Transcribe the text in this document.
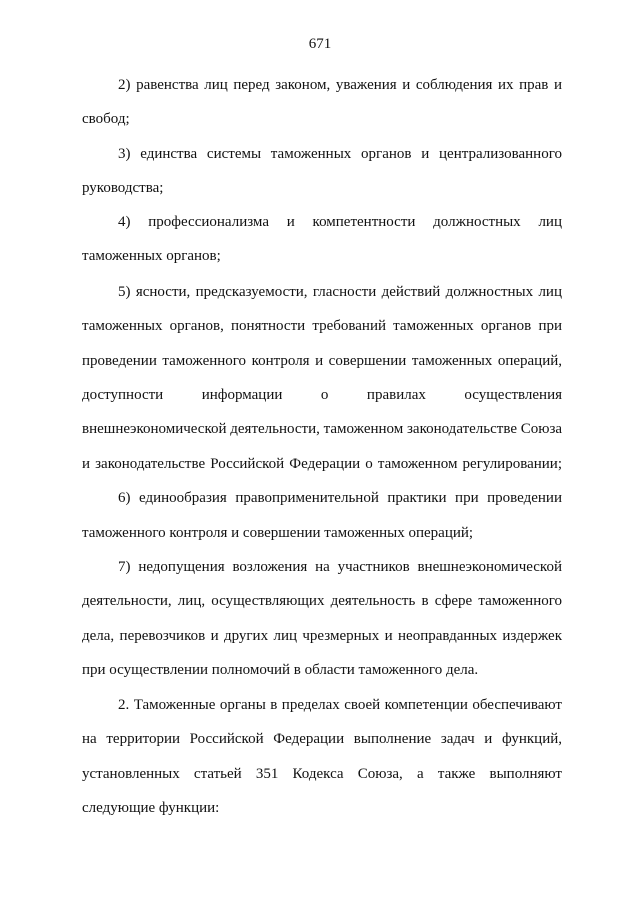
671
2) равенства лиц перед законом, уважения и соблюдения их прав и
свобод;
3) единства системы таможенных органов и централизованного
руководства;
4) профессионализма и компетентности должностных лиц
таможенных органов;
5) ясности, предсказуемости, гласности действий должностных лиц
таможенных органов, понятности требований таможенных органов при
проведении таможенного контроля и совершении таможенных операций,
доступности информации о правилах осуществления
внешнеэкономической деятельности, таможенном законодательстве Союза
и законодательстве Российской Федерации о таможенном регулировании;
6) единообразия правоприменительной практики при проведении
таможенного контроля и совершении таможенных операций;
7) недопущения возложения на участников внешнеэкономической
деятельности, лиц, осуществляющих деятельность в сфере таможенного
дела, перевозчиков и других лиц чрезмерных и неоправданных издержек
при осуществлении полномочий в области таможенного дела.
2. Таможенные органы в пределах своей компетенции обеспечивают
на территории Российской Федерации выполнение задач и функций,
установленных статьей 351 Кодекса Союза, а также выполняют
следующие функции:
